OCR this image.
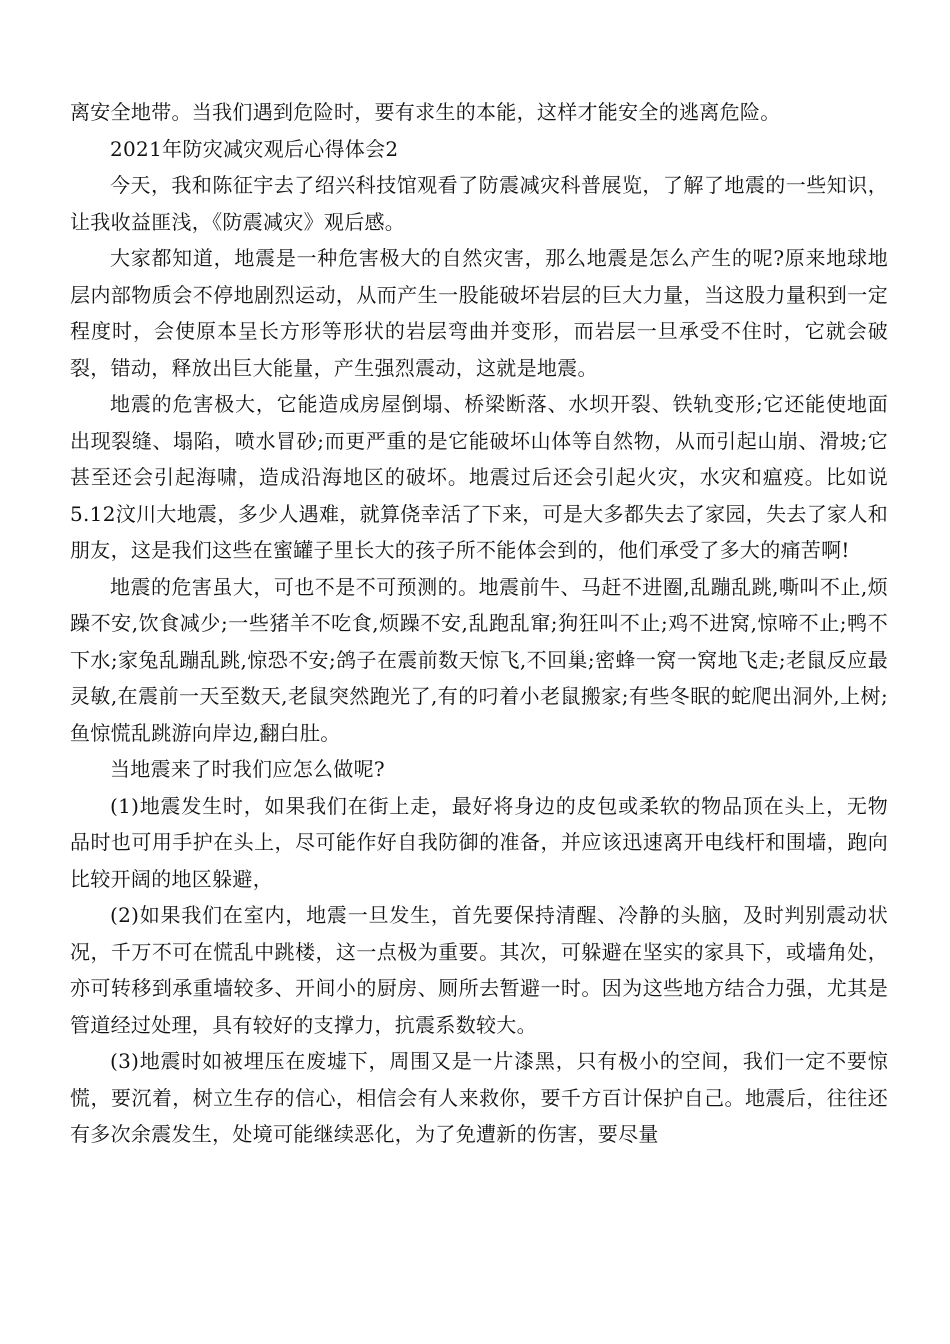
离安全地带。当我们遇到危险时，要有求生的本能，这样才能安全的逃离危险。

2021年防灾减灾观后心得体会2

今天，我和陈征宇去了绍兴科技馆观看了防震减灾科普展览，了解了地震的一些知识，让我收益匪浅，《防震减灾》观后感。

大家都知道，地震是一种危害极大的自然灾害，那么地震是怎么产生的呢?原来地球地层内部物质会不停地剧烈运动，从而产生一股能破坏岩层的巨大力量，当这股力量积到一定程度时，会使原本呈长方形等形状的岩层弯曲并变形，而岩层一旦承受不住时，它就会破裂，错动，释放出巨大能量，产生强烈震动，这就是地震。

地震的危害极大，它能造成房屋倒塌、桥梁断落、水坝开裂、铁轨变形;它还能使地面出现裂缝、塌陷，喷水冒砂;而更严重的是它能破坏山体等自然物，从而引起山崩、滑坡;它甚至还会引起海啸，造成沿海地区的破坏。地震过后还会引起火灾，水灾和瘟疫。比如说5.12汶川大地震，多少人遇难，就算侥幸活了下来，可是大多都失去了家园，失去了家人和朋友，这是我们这些在蜜罐子里长大的孩子所不能体会到的，他们承受了多大的痛苦啊!

地震的危害虽大，可也不是不可预测的。地震前牛、马赶不进圈,乱蹦乱跳,嘶叫不止,烦躁不安,饮食减少;一些猪羊不吃食,烦躁不安,乱跑乱窜;狗狂叫不止;鸡不进窝,惊啼不止;鸭不下水;家兔乱蹦乱跳,惊恐不安;鸽子在震前数天惊飞,不回巢;密蜂一窝一窝地飞走;老鼠反应最灵敏,在震前一天至数天,老鼠突然跑光了,有的叼着小老鼠搬家;有些冬眠的蛇爬出洞外,上树;鱼惊慌乱跳游向岸边,翻白肚。

当地震来了时我们应怎么做呢?

(1)地震发生时，如果我们在街上走，最好将身边的皮包或柔软的物品顶在头上，无物品时也可用手护在头上，尽可能作好自我防御的准备，并应该迅速离开电线杆和围墙，跑向比较开阔的地区躲避，

(2)如果我们在室内，地震一旦发生，首先要保持清醒、冷静的头脑，及时判别震动状况，千万不可在慌乱中跳楼，这一点极为重要。其次，可躲避在坚实的家具下，或墙角处，亦可转移到承重墙较多、开间小的厨房、厕所去暂避一时。因为这些地方结合力强，尤其是管道经过处理，具有较好的支撑力，抗震系数较大。

(3)地震时如被埋压在废墟下，周围又是一片漆黑，只有极小的空间，我们一定不要惊慌，要沉着，树立生存的信心，相信会有人来救你，要千方百计保护自己。地震后，往往还有多次余震发生，处境可能继续恶化，为了免遭新的伤害，要尽量
